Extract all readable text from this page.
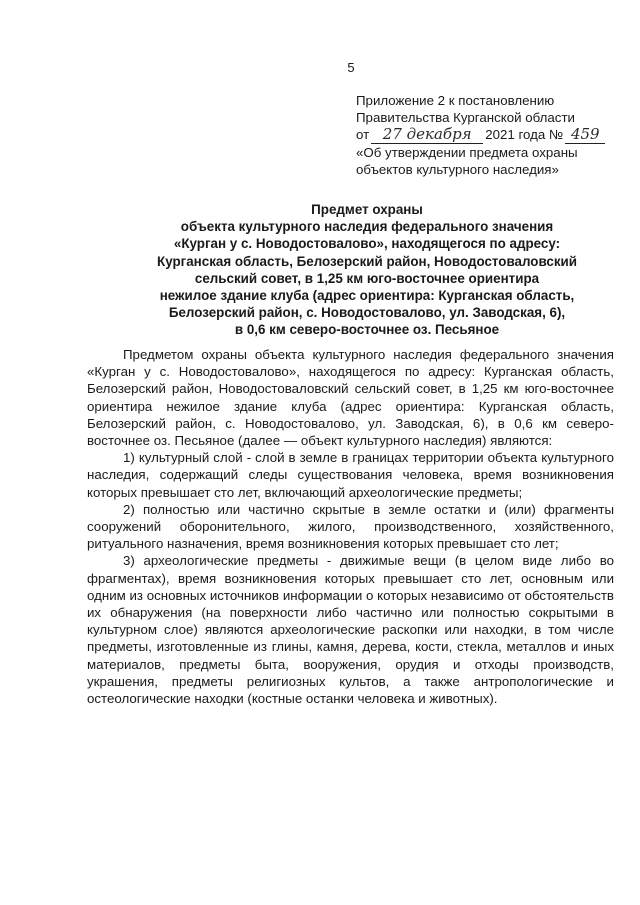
5
Приложение 2 к постановлению
Правительства Курганской области
от 27 декабря 2021 года № 459
«Об утверждении предмета охраны
объектов культурного наследия»
Предмет охраны
объекта культурного наследия федерального значения
«Курган у с. Новодостовалово», находящегося по адресу:
Курганская область, Белозерский район, Новодостоваловский
сельский совет, в 1,25 км юго-восточнее ориентира
нежилое здание клуба (адрес ориентира: Курганская область,
Белозерский район, с. Новодостовалово, ул. Заводская, 6),
в 0,6 км северо-восточнее оз. Песьяное

Предметом охраны объекта культурного наследия федерального значения «Курган у с. Новодостовалово», находящегося по адресу: Курганская область, Белозерский район, Новодостоваловский сельский совет, в 1,25 км юго-восточнее ориентира нежилое здание клуба (адрес ориентира: Курганская область, Белозерский район, с. Новодостовалово, ул. Заводская, 6), в 0,6 км северо-восточнее оз. Песьяное (далее — объект культурного наследия) являются:

1) культурный слой - слой в земле в границах территории объекта культурного наследия, содержащий следы существования человека, время возникновения которых превышает сто лет, включающий археологические предметы;

2) полностью или частично скрытые в земле остатки и (или) фрагменты сооружений оборонительного, жилого, производственного, хозяйственного, ритуального назначения, время возникновения которых превышает сто лет;

3) археологические предметы - движимые вещи (в целом виде либо во фрагментах), время возникновения которых превышает сто лет, основным или одним из основных источников информации о которых независимо от обстоятельств их обнаружения (на поверхности либо частично или полностью сокрытыми в культурном слое) являются археологические раскопки или находки, в том числе предметы, изготовленные из глины, камня, дерева, кости, стекла, металлов и иных материалов, предметы быта, вооружения, орудия и отходы производств, украшения, предметы религиозных культов, а также антропологические и остеологические находки (костные останки человека и животных).
